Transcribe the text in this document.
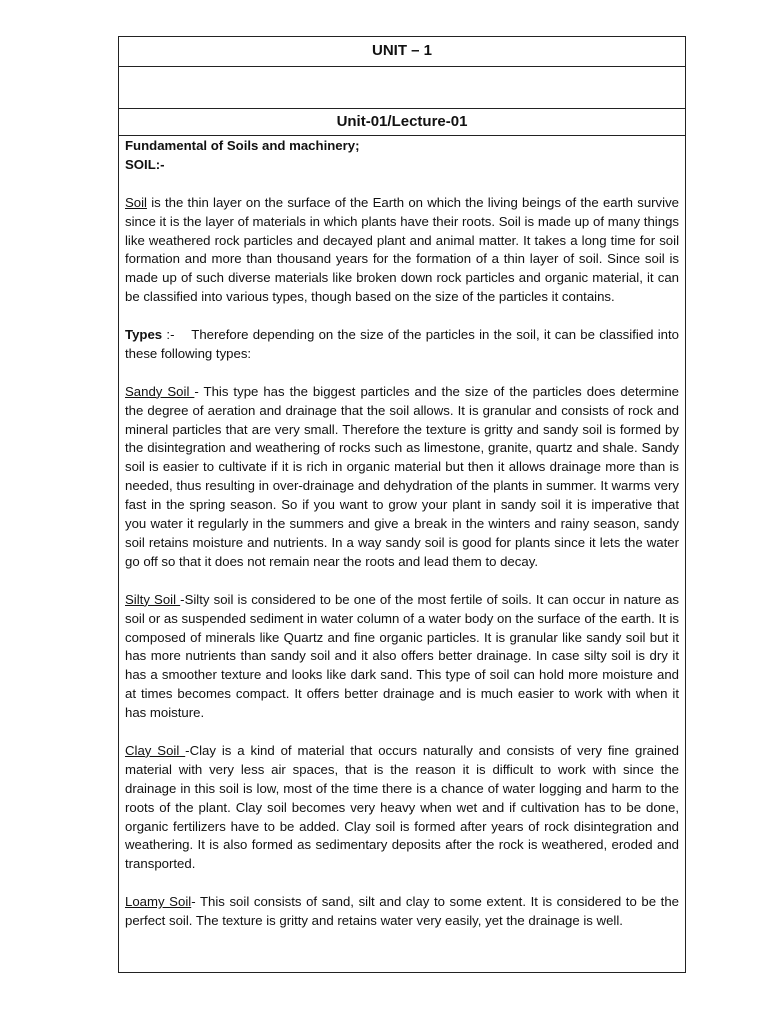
UNIT – 1
Unit-01/Lecture-01
Fundamental of Soils and machinery;
SOIL:-

Soil is the thin layer on the surface of the Earth on which the living beings of the earth survive since it is the layer of materials in which plants have their roots. Soil is made up of many things like weathered rock particles and decayed plant and animal matter. It takes a long time for soil formation and more than thousand years for the formation of a thin layer of soil. Since soil is made up of such diverse materials like broken down rock particles and organic material, it can be classified into various types, though based on the size of the particles it contains.

Types :-    Therefore depending on the size of the particles in the soil, it can be classified into these following types:

Sandy Soil - This type has the biggest particles and the size of the particles does determine the degree of aeration and drainage that the soil allows. It is granular and consists of rock and mineral particles that are very small. Therefore the texture is gritty and sandy soil is formed by the disintegration and weathering of rocks such as limestone, granite, quartz and shale. Sandy soil is easier to cultivate if it is rich in organic material but then it allows drainage more than is needed, thus resulting in over-drainage and dehydration of the plants in summer. It warms very fast in the spring season. So if you want to grow your plant in sandy soil it is imperative that you water it regularly in the summers and give a break in the winters and rainy season, sandy soil retains moisture and nutrients. In a way sandy soil is good for plants since it lets the water go off so that it does not remain near the roots and lead them to decay.

Silty Soil -Silty soil is considered to be one of the most fertile of soils. It can occur in nature as soil or as suspended sediment in water column of a water body on the surface of the earth. It is composed of minerals like Quartz and fine organic particles. It is granular like sandy soil but it has more nutrients than sandy soil and it also offers better drainage. In case silty soil is dry it has a smoother texture and looks like dark sand. This type of soil can hold more moisture and at times becomes compact. It offers better drainage and is much easier to work with when it has moisture.

Clay Soil -Clay is a kind of material that occurs naturally and consists of very fine grained material with very less air spaces, that is the reason it is difficult to work with since the drainage in this soil is low, most of the time there is a chance of water logging and harm to the roots of the plant. Clay soil becomes very heavy when wet and if cultivation has to be done, organic fertilizers have to be added. Clay soil is formed after years of rock disintegration and weathering. It is also formed as sedimentary deposits after the rock is weathered, eroded and transported.

Loamy Soil- This soil consists of sand, silt and clay to some extent. It is considered to be the perfect soil. The texture is gritty and retains water very easily, yet the drainage is well.
